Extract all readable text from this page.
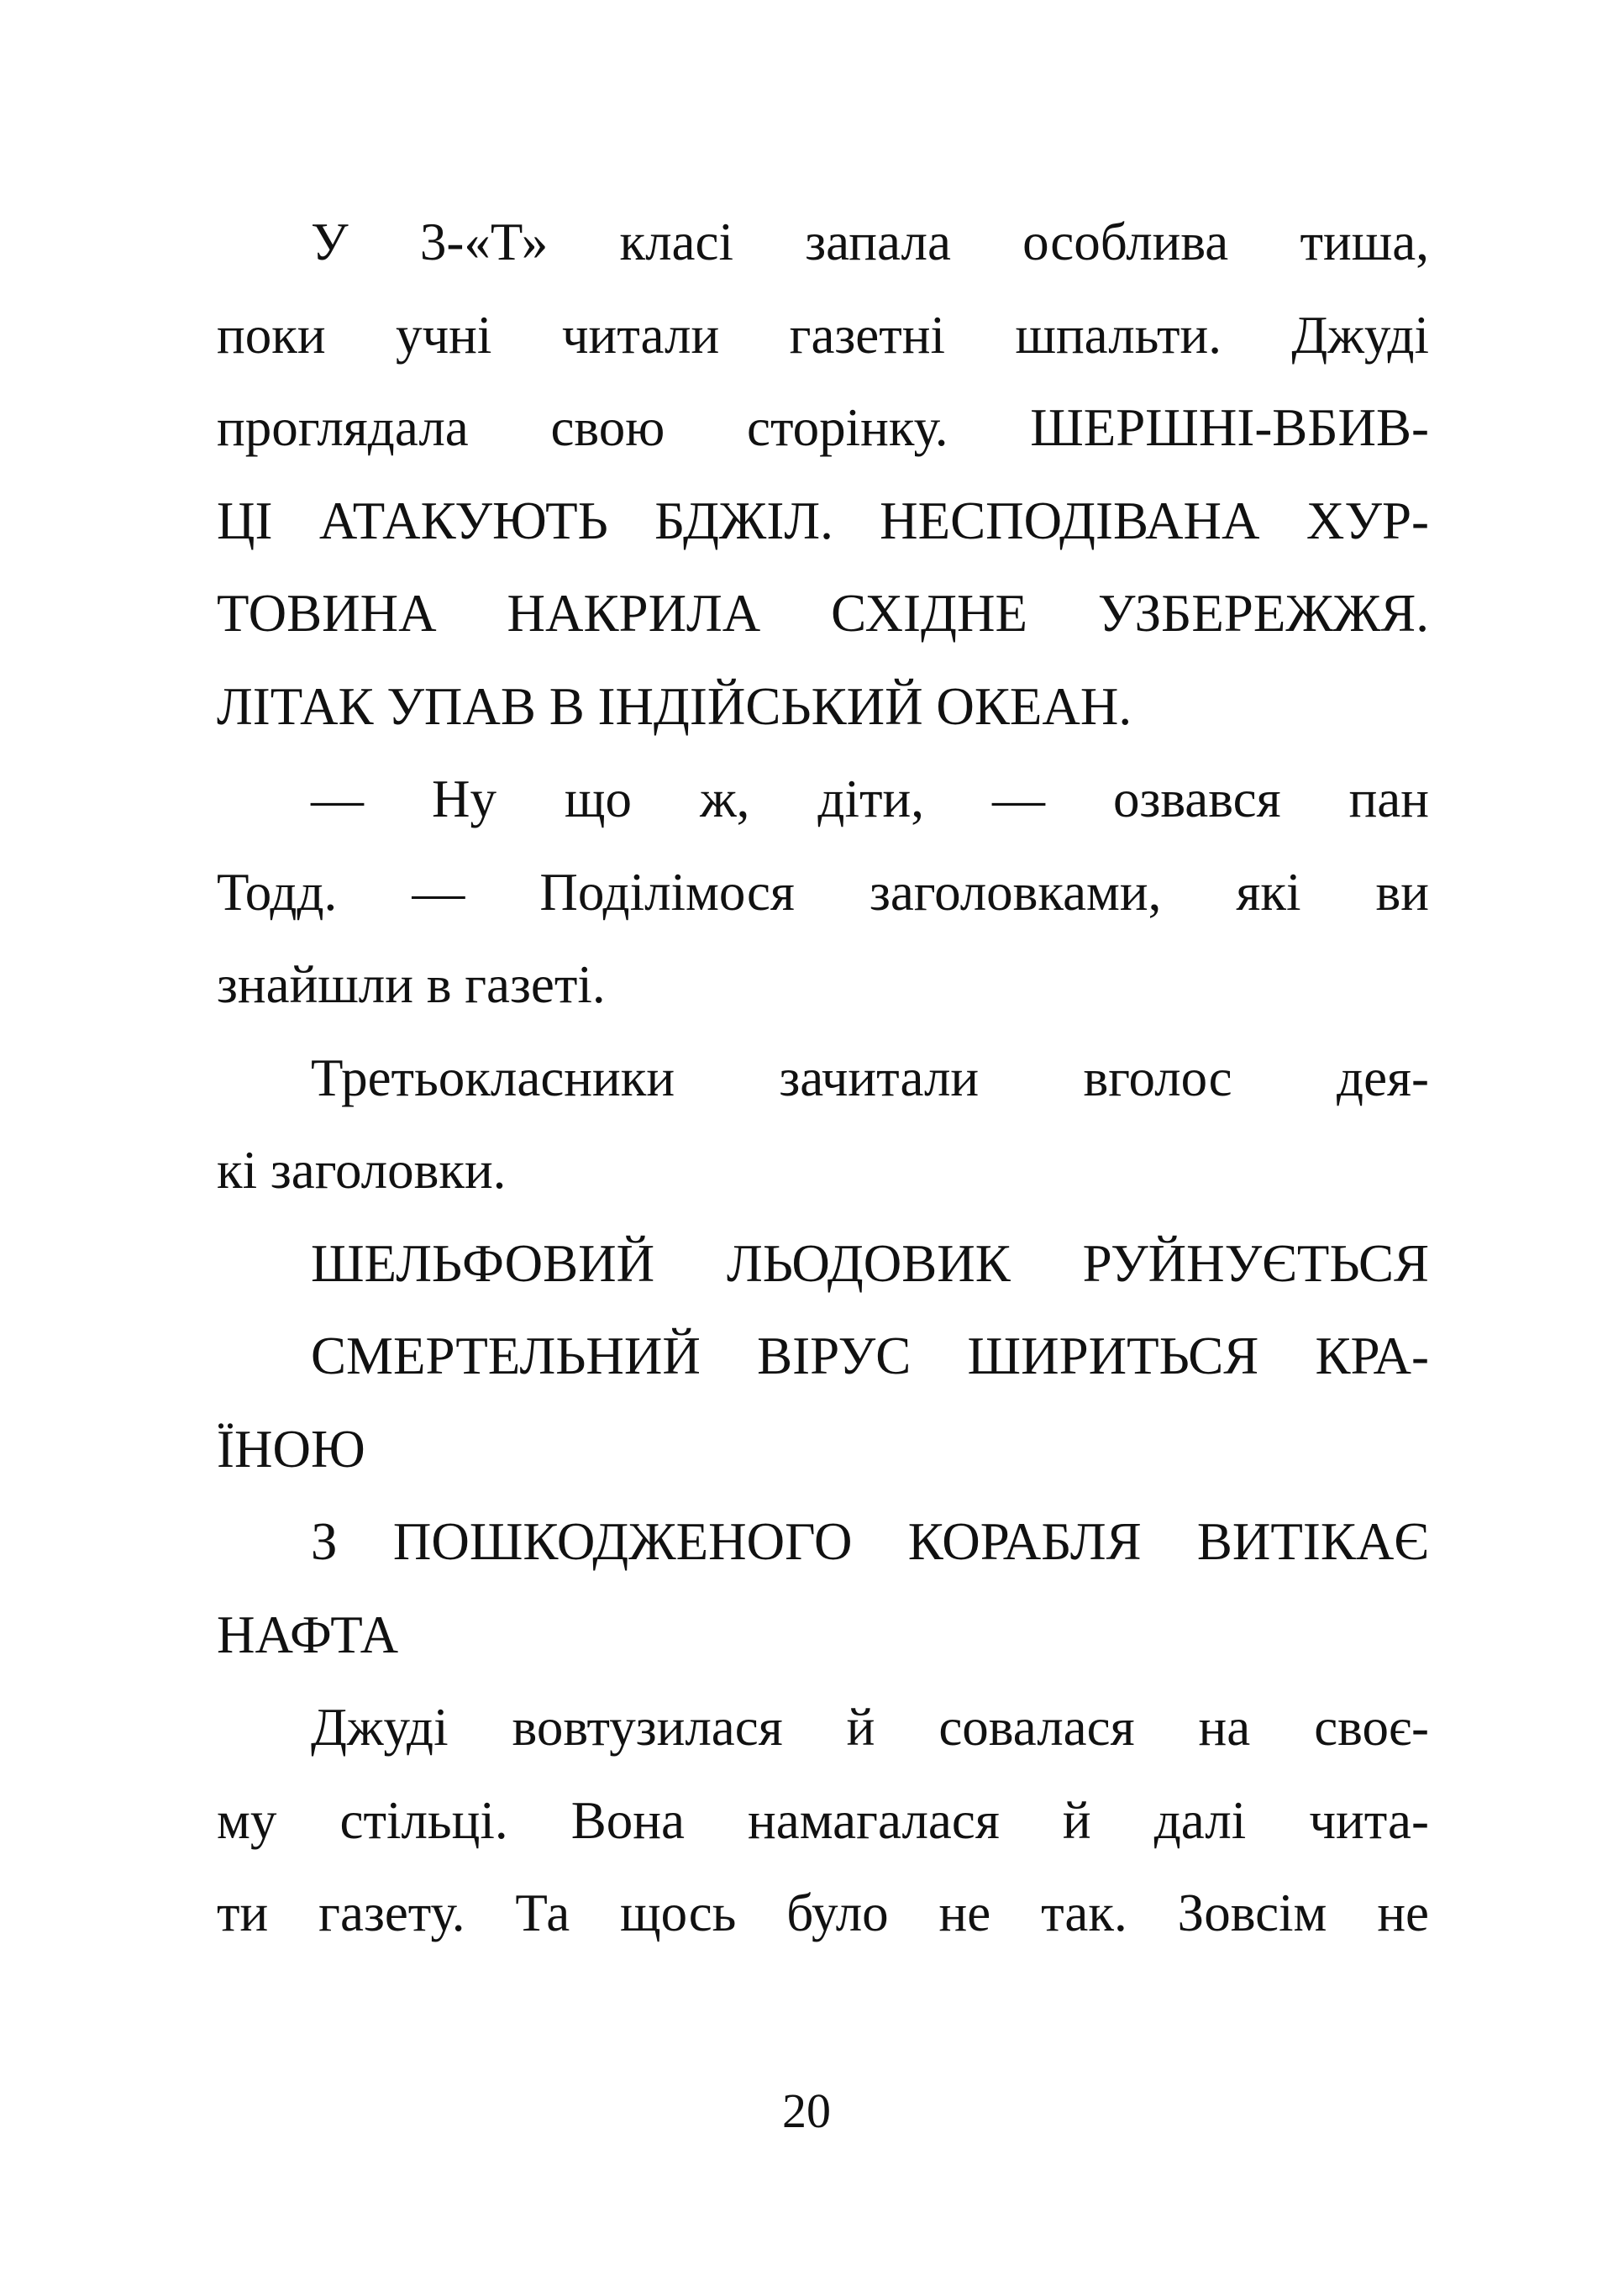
У 3-«Т» класі запала особлива тиша,
поки учні читали газетні шпальти. Джуді
проглядала свою сторінку. ШЕРШНІ-ВБИВ-
ЦІ АТАКУЮТЬ БДЖІЛ. НЕСПОДІВАНА ХУР-
ТОВИНА НАКРИЛА СХІДНЕ УЗБЕРЕЖЖЯ.
ЛІТАК УПАВ В ІНДІЙСЬКИЙ ОКЕАН.
— Ну що ж, діти, — озвався пан
Тодд. — Поділімося заголовками, які ви
знайшли в газеті.
Третьокласники зачитали вголос дея-
кі заголовки.
ШЕЛЬФОВИЙ ЛЬОДОВИК РУЙНУЄТЬСЯ
СМЕРТЕЛЬНИЙ ВІРУС ШИРИТЬСЯ КРА-
ЇНОЮ
З ПОШКОДЖЕНОГО КОРАБЛЯ ВИТІКАЄ
НАФТА
Джуді вовтузилася й совалася на своє-
му стільці. Вона намагалася й далі чита-
ти газету. Та щось було не так. Зовсім не
20
